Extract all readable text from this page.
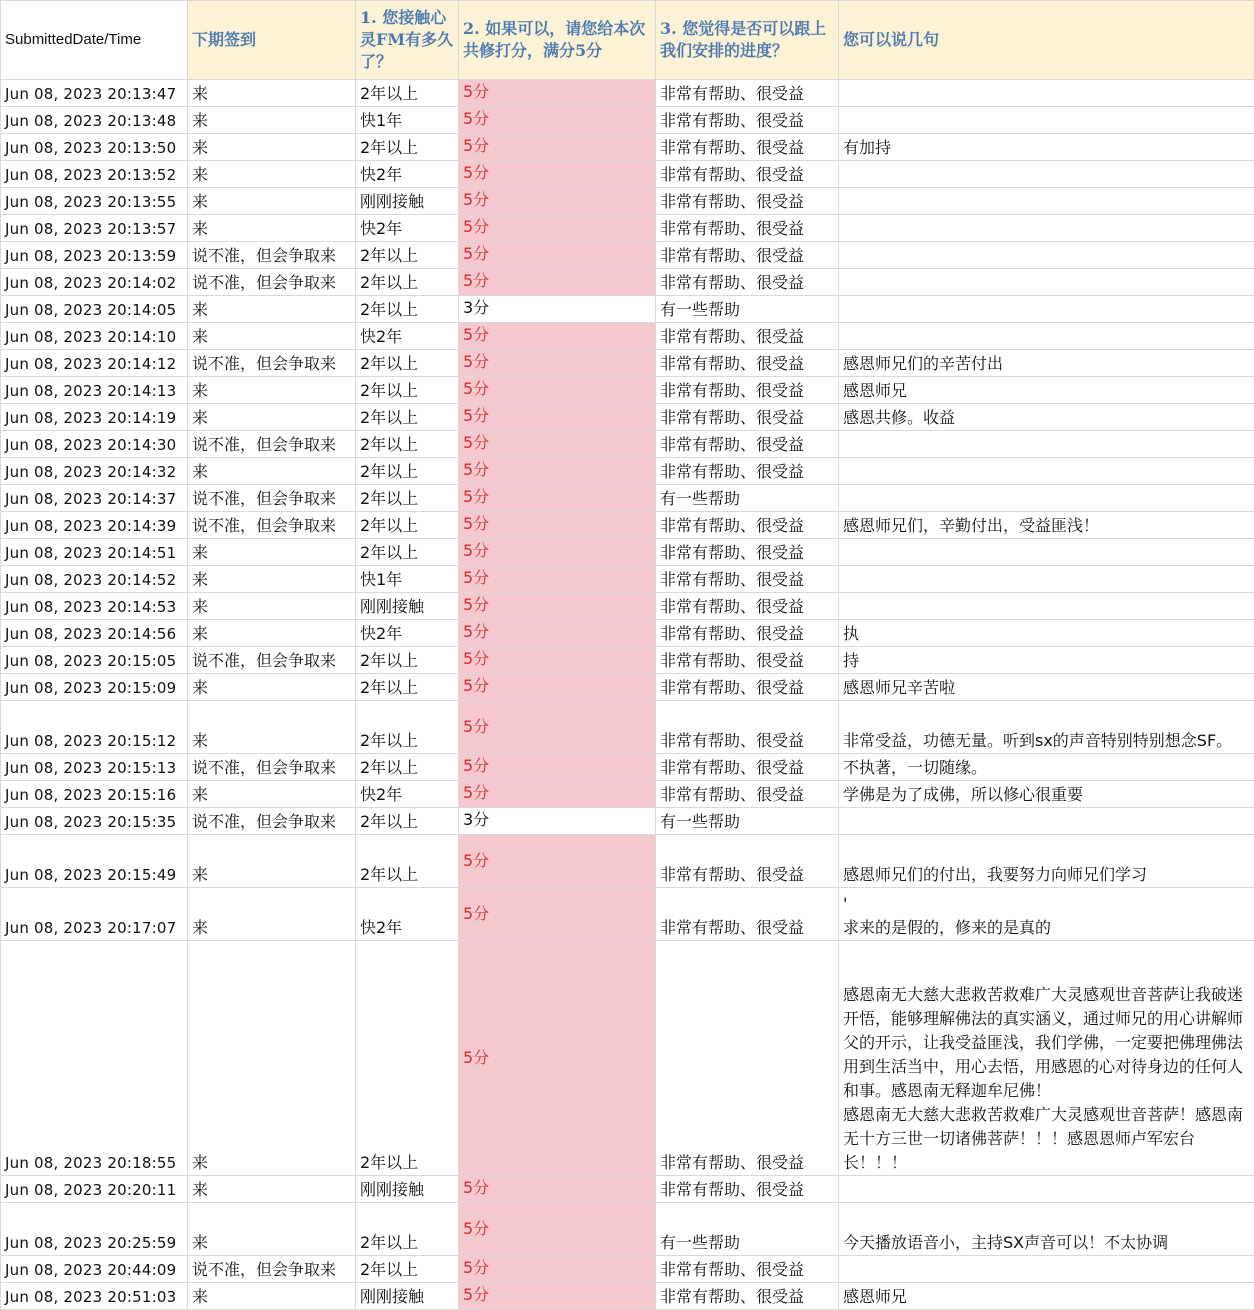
SubmittedDate/Time	下期签到	1. 您接触心灵FM有多久了？	2. 如果可以，请您给本次共修打分，满分5分	3. 您觉得是否可以跟上我们安排的进度？	您可以说几句
Jun 08, 2023 20:13:47	来	2年以上	5分	非常有帮助、很受益	
Jun 08, 2023 20:13:48	来	快1年	5分	非常有帮助、很受益	
Jun 08, 2023 20:13:50	来	2年以上	5分	非常有帮助、很受益	有加持
Jun 08, 2023 20:13:52	来	快2年	5分	非常有帮助、很受益	
Jun 08, 2023 20:13:55	来	刚刚接触	5分	非常有帮助、很受益	
Jun 08, 2023 20:13:57	来	快2年	5分	非常有帮助、很受益	
Jun 08, 2023 20:13:59	说不准，但会争取来	2年以上	5分	非常有帮助、很受益	
Jun 08, 2023 20:14:02	说不准，但会争取来	2年以上	5分	非常有帮助、很受益	
Jun 08, 2023 20:14:05	来	2年以上	3分	有一些帮助	
Jun 08, 2023 20:14:10	来	快2年	5分	非常有帮助、很受益	
Jun 08, 2023 20:14:12	说不准，但会争取来	2年以上	5分	非常有帮助、很受益	感恩师兄们的辛苦付出
Jun 08, 2023 20:14:13	来	2年以上	5分	非常有帮助、很受益	感恩师兄
Jun 08, 2023 20:14:19	来	2年以上	5分	非常有帮助、很受益	感恩共修。收益
Jun 08, 2023 20:14:30	说不准，但会争取来	2年以上	5分	非常有帮助、很受益	
Jun 08, 2023 20:14:32	来	2年以上	5分	非常有帮助、很受益	
Jun 08, 2023 20:14:37	说不准，但会争取来	2年以上	5分	有一些帮助	
Jun 08, 2023 20:14:39	说不准，但会争取来	2年以上	5分	非常有帮助、很受益	感恩师兄们，辛勤付出，受益匪浅！
Jun 08, 2023 20:14:51	来	2年以上	5分	非常有帮助、很受益	
Jun 08, 2023 20:14:52	来	快1年	5分	非常有帮助、很受益	
Jun 08, 2023 20:14:53	来	刚刚接触	5分	非常有帮助、很受益	
Jun 08, 2023 20:14:56	来	快2年	5分	非常有帮助、很受益	执
Jun 08, 2023 20:15:05	说不准，但会争取来	2年以上	5分	非常有帮助、很受益	持
Jun 08, 2023 20:15:09	来	2年以上	5分	非常有帮助、很受益	感恩师兄辛苦啦
Jun 08, 2023 20:15:12	来	2年以上	5分	非常有帮助、很受益	非常受益，功德无量。听到sx的声音特别特别想念SF。
Jun 08, 2023 20:15:13	说不准，但会争取来	2年以上	5分	非常有帮助、很受益	不执著，一切随缘。
Jun 08, 2023 20:15:16	来	快2年	5分	非常有帮助、很受益	学佛是为了成佛，所以修心很重要
Jun 08, 2023 20:15:35	说不准，但会争取来	2年以上	3分	有一些帮助	
Jun 08, 2023 20:15:49	来	2年以上	5分	非常有帮助、很受益	感恩师兄们的付出，我要努力向师兄们学习
Jun 08, 2023 20:17:07	来	快2年	5分	非常有帮助、很受益	'
求来的是假的，修来的是真的
Jun 08, 2023 20:18:55	来	2年以上	5分	非常有帮助、很受益	感恩南无大慈大悲救苦救难广大灵感观世音菩萨让我破迷开悟，能够理解佛法的真实涵义，通过师兄的用心讲解师父的开示，让我受益匪浅，我们学佛，一定要把佛理佛法用到生活当中，用心去悟，用感恩的心对待身边的任何人和事。感恩南无释迦牟尼佛！
感恩南无大慈大悲救苦救难广大灵感观世音菩萨！感恩南无十方三世一切诸佛菩萨！！！感恩恩师卢军宏台长！！！
Jun 08, 2023 20:20:11	来	刚刚接触	5分	非常有帮助、很受益	
Jun 08, 2023 20:25:59	来	2年以上	5分	有一些帮助	今天播放语音小，主持SX声音可以！不太协调
Jun 08, 2023 20:44:09	说不准，但会争取来	2年以上	5分	非常有帮助、很受益	
Jun 08, 2023 20:51:03	来	刚刚接触	5分	非常有帮助、很受益	感恩师兄
